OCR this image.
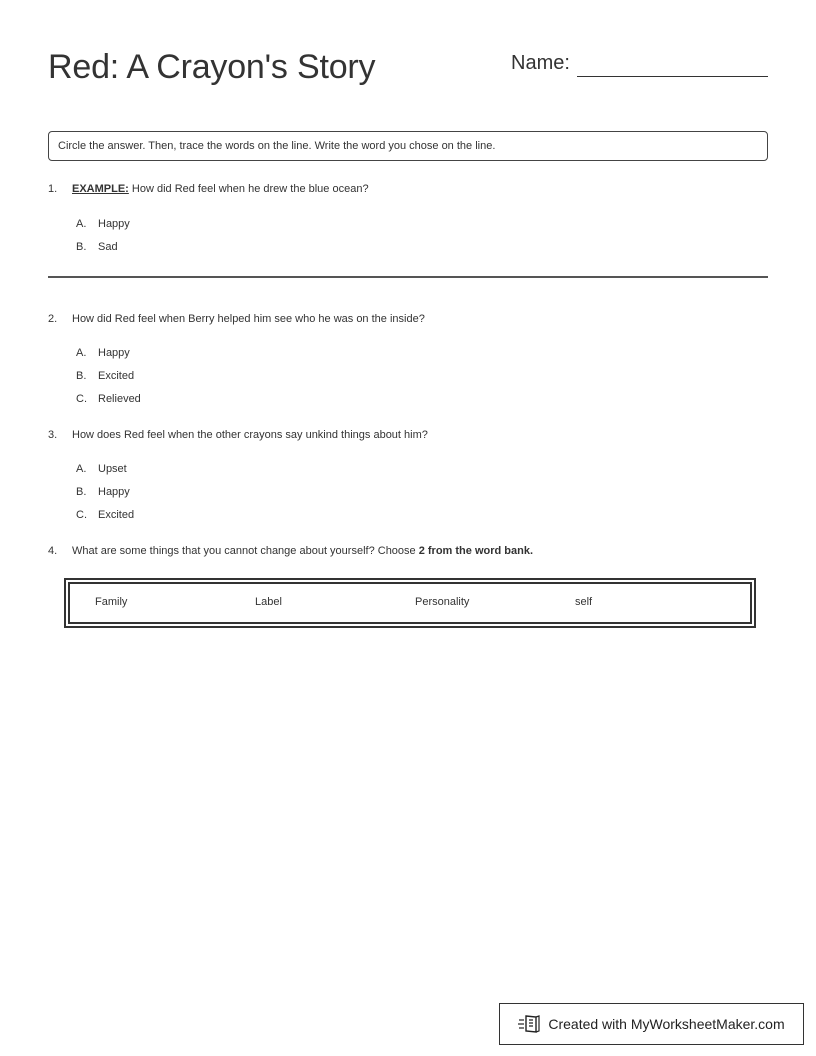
Red: A Crayon's Story	Name:
Circle the answer. Then, trace the words on the line. Write the word you chose on the line.
1. EXAMPLE: How did Red feel when he drew the blue ocean?
A. Happy
B. Sad
2. How did Red feel when Berry helped him see who he was on the inside?
A. Happy
B. Excited
C. Relieved
3. How does Red feel when the other crayons say unkind things about him?
A. Upset
B. Happy
C. Excited
4. What are some things that you cannot change about yourself? Choose 2 from the word bank.
Family	Label	Personality	self
Created with MyWorksheetMaker.com
